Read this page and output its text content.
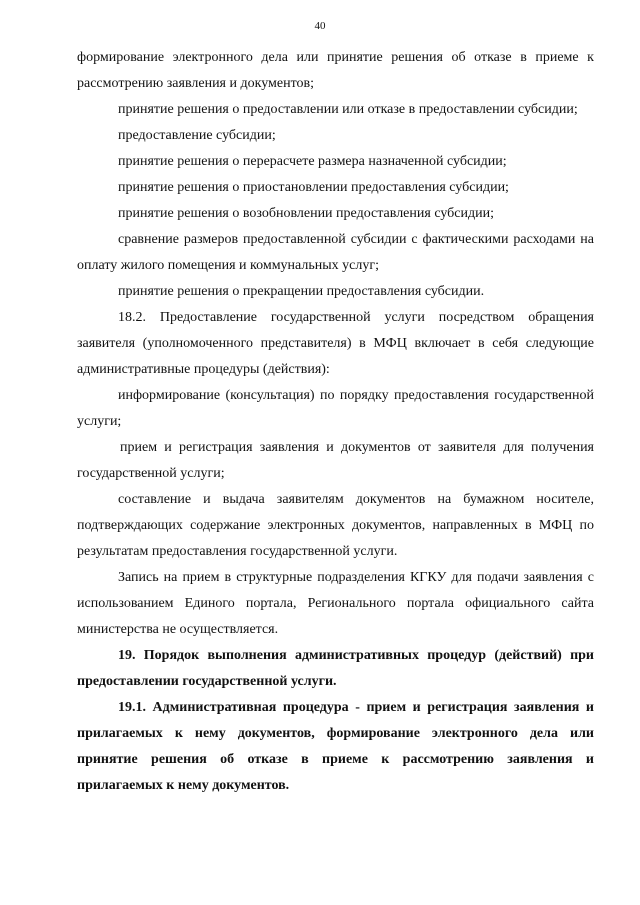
40

формирование электронного дела или принятие решения об отказе в приеме к рассмотрению заявления и документов;

принятие решения о предоставлении или отказе в предоставлении субсидии;

предоставление субсидии;

принятие решения о перерасчете размера назначенной субсидии;

принятие решения о приостановлении предоставления субсидии;

принятие решения о возобновлении предоставления субсидии;

сравнение размеров предоставленной субсидии с фактическими расходами на оплату жилого помещения и коммунальных услуг;

принятие решения о прекращении предоставления субсидии.

18.2. Предоставление государственной услуги посредством обращения заявителя (уполномоченного представителя) в МФЦ включает в себя следующие административные процедуры (действия):

информирование (консультация) по порядку предоставления государственной услуги;

прием и регистрация заявления и документов от заявителя для получения государственной услуги;

составление и выдача заявителям документов на бумажном носителе, подтверждающих содержание электронных документов, направленных в МФЦ по результатам предоставления государственной услуги.

Запись на прием в структурные подразделения КГКУ для подачи заявления с использованием Единого портала, Регионального портала официального сайта министерства не осуществляется.

19. Порядок выполнения административных процедур (действий) при предоставлении государственной услуги.

19.1. Административная процедура - прием и регистрация заявления и прилагаемых к нему документов, формирование электронного дела или принятие решения об отказе в приеме к рассмотрению заявления и прилагаемых к нему документов.
